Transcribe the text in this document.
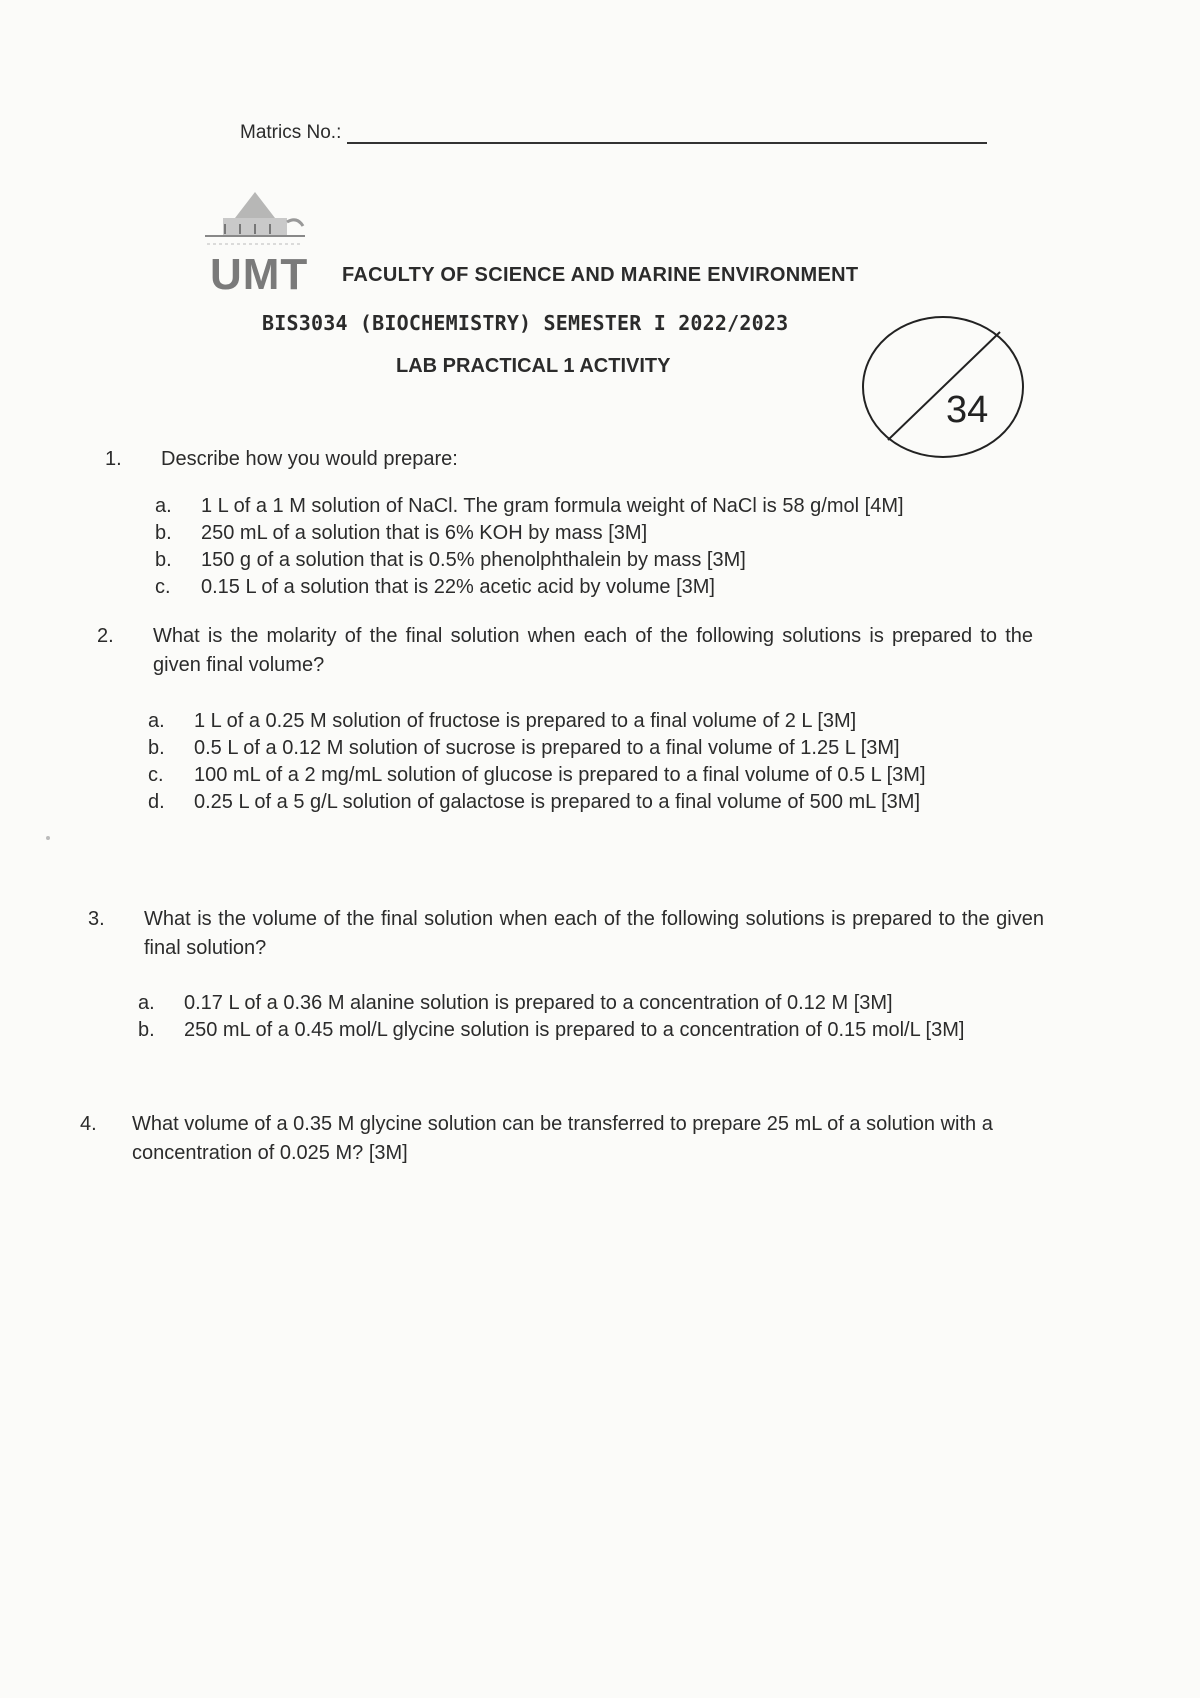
Matrics No.:
UMT FACULTY OF SCIENCE AND MARINE ENVIRONMENT
BIS3034 (BIOCHEMISTRY) SEMESTER I 2022/2023
LAB PRACTICAL 1 ACTIVITY
34
1.	Describe how you would prepare:
a. 1 L of a 1 M solution of NaCl. The gram formula weight of NaCl is 58 g/mol [4M]
b. 250 mL of a solution that is 6% KOH by mass [3M]
b. 150 g of a solution that is 0.5% phenolphthalein by mass [3M]
c. 0.15 L of a solution that is 22% acetic acid by volume [3M]
2.	What is the molarity of the final solution when each of the following solutions is prepared to the given final volume?
a. 1 L of a 0.25 M solution of fructose is prepared to a final volume of 2 L [3M]
b. 0.5 L of a 0.12 M solution of sucrose is prepared to a final volume of 1.25 L [3M]
c. 100 mL of a 2 mg/mL solution of glucose is prepared to a final volume of 0.5 L [3M]
d. 0.25 L of a 5 g/L solution of galactose is prepared to a final volume of 500 mL [3M]
3.	What is the volume of the final solution when each of the following solutions is prepared to the given final solution?
a. 0.17 L of a 0.36 M alanine solution is prepared to a concentration of 0.12 M [3M]
b. 250 mL of a 0.45 mol/L glycine solution is prepared to a concentration of 0.15 mol/L [3M]
4.	What volume of a 0.35 M glycine solution can be transferred to prepare 25 mL of a solution with a concentration of 0.025 M? [3M]
